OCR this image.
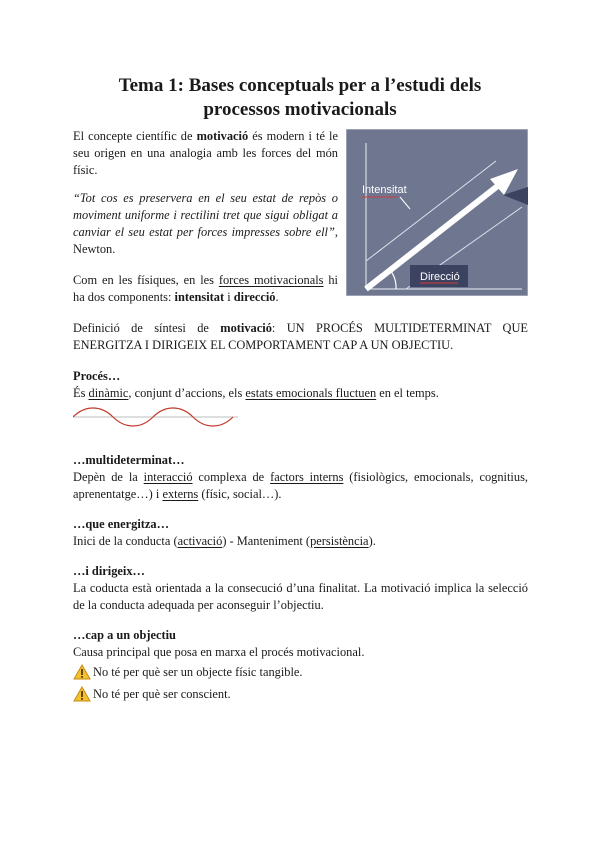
Tema 1: Bases conceptuals per a l’estudi dels
processos motivacionals

El concepte científic de motivació és modern i té le seu origen en una analogia amb les forces del món físic.

“Tot cos es preservera en el seu estat de repòs o moviment uniforme i rectilini tret que sigui obligat a canviar el seu estat per forces impresses sobre ell”, Newton.

Com en les físiques, en les forces motivacionals hi ha dos components: intensitat i direcció.

Intensitat
Direcció

Definició de síntesi de motivació: UN PROCÉS MULTIDETERMINAT QUE ENERGITZA I DIRIGEIX EL COMPORTAMENT CAP A UN OBJECTIU.

Procés…

És dinàmic, conjunt d’accions, els estats emocionals fluctuen en el temps.

…multideterminat…

Depèn de la interacció complexa de factors interns (fisiològics, emocionals, cognitius, aprenentatge…) i externs (físic, social…).

…que energitza…

Inici de la conducta (activació) - Manteniment (persistència).

…i dirigeix…

La coducta està orientada a la consecució d’una finalitat. La motivació implica la selecció de la conducta adequada per aconseguir l’objectiu.

…cap a un objectiu

Causa principal que posa en marxa el procés motivacional.

No té per què ser un objecte físic tangible.
No té per què ser conscient.
